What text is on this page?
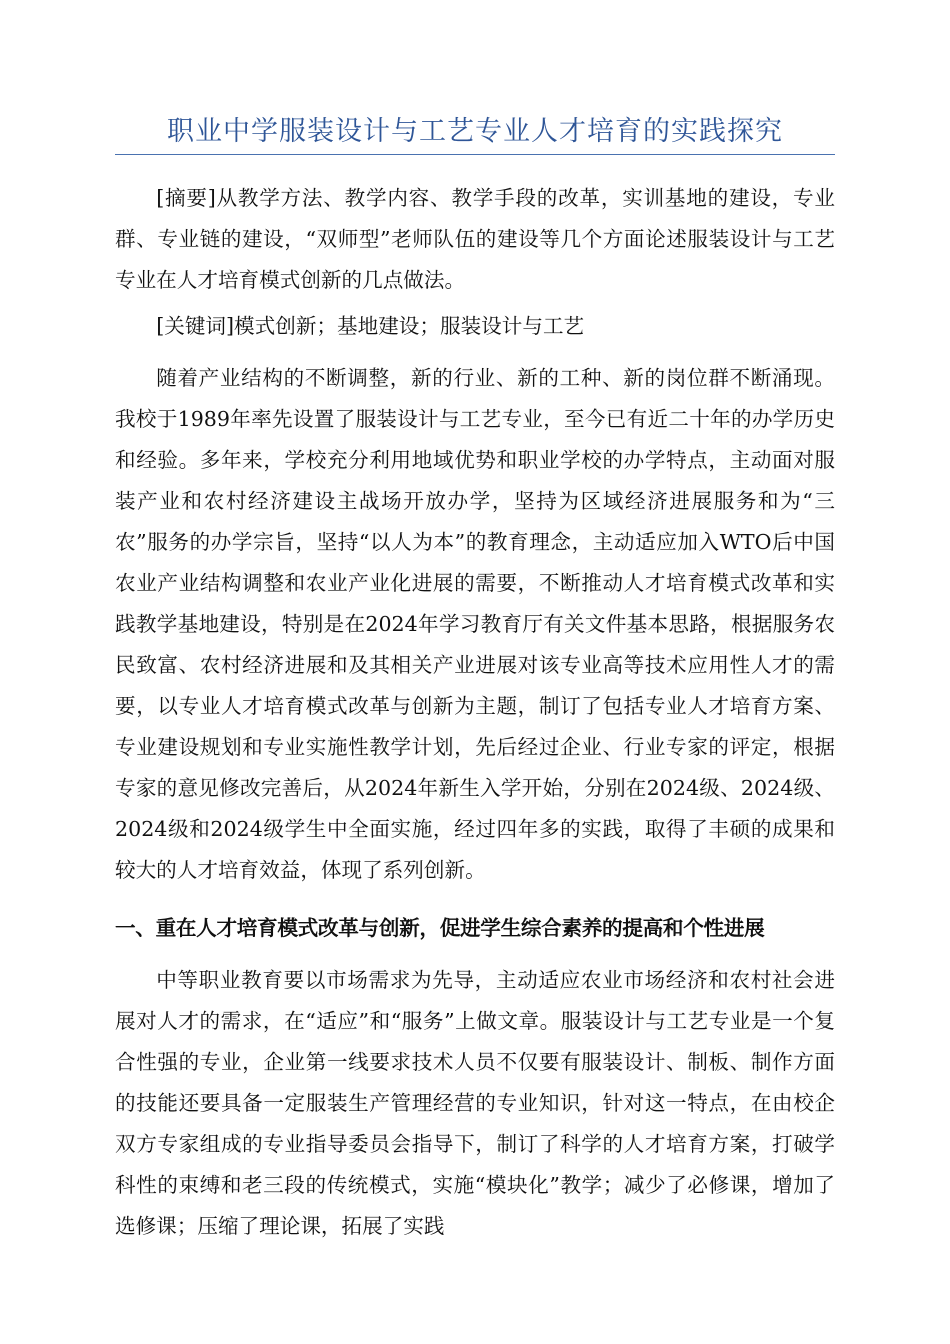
职业中学服装设计与工艺专业人才培育的实践探究

[摘要]从教学方法、教学内容、教学手段的改革，实训基地的建设，专业群、专业链的建设，“双师型”老师队伍的建设等几个方面论述服装设计与工艺专业在人才培育模式创新的几点做法。

[关键词]模式创新；基地建设；服装设计与工艺

随着产业结构的不断调整，新的行业、新的工种、新的岗位群不断涌现。我校于1989年率先设置了服装设计与工艺专业，至今已有近二十年的办学历史和经验。多年来，学校充分利用地域优势和职业学校的办学特点，主动面对服装产业和农村经济建设主战场开放办学，坚持为区域经济进展服务和为“三农”服务的办学宗旨，坚持“以人为本”的教育理念，主动适应加入WTO后中国农业产业结构调整和农业产业化进展的需要，不断推动人才培育模式改革和实践教学基地建设，特别是在2024年学习教育厅有关文件基本思路，根据服务农民致富、农村经济进展和及其相关产业进展对该专业高等技术应用性人才的需要，以专业人才培育模式改革与创新为主题，制订了包括专业人才培育方案、专业建设规划和专业实施性教学计划，先后经过企业、行业专家的评定，根据专家的意见修改完善后，从2024年新生入学开始，分别在2024级、2024级、2024级和2024级学生中全面实施，经过四年多的实践，取得了丰硕的成果和较大的人才培育效益，体现了系列创新。

一、重在人才培育模式改革与创新，促进学生综合素养的提高和个性进展

中等职业教育要以市场需求为先导，主动适应农业市场经济和农村社会进展对人才的需求，在“适应”和“服务”上做文章。服装设计与工艺专业是一个复合性强的专业，企业第一线要求技术人员不仅要有服装设计、制板、制作方面的技能还要具备一定服装生产管理经营的专业知识，针对这一特点，在由校企双方专家组成的专业指导委员会指导下，制订了科学的人才培育方案，打破学科性的束缚和老三段的传统模式，实施“模块化”教学；减少了必修课，增加了选修课；压缩了理论课，拓展了实践
